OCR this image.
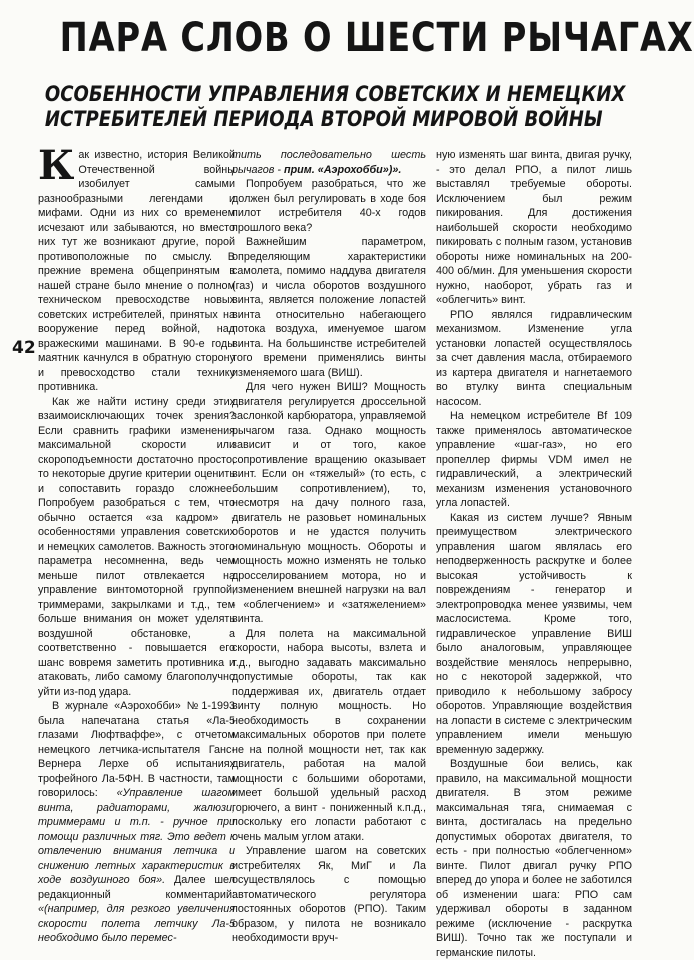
ПАРА СЛОВ О ШЕСТИ РЫЧАГАХ
ОСОБЕННОСТИ УПРАВЛЕНИЯ СОВЕТСКИХ И НЕМЕЦКИХ
ИСТРЕБИТЕЛЕЙ ПЕРИОДА ВТОРОЙ МИРОВОЙ ВОЙНЫ
42

Как известно, история Великой Отечественной войны изобилует самыми разнообразными легендами и мифами. Одни из них со временем исчезают или забываются, но вместо них тут же возникают другие, порой противоположные по смыслу. В прежние времена общепринятым в нашей стране было мнение о полном техническом превосходстве новых советских истребителей, принятых на вооружение перед войной, над вражескими машинами. В 90-е годы маятник качнулся в обратную сторону и превосходство стали технику противника.

Как же найти истину среди этих взаимоисключающих точек зрения? Если сравнить графики изменения максимальной скорости или скороподъемности достаточно просто, то некоторые другие критерии оценить и сопоставить гораздо сложнее. Попробуем разобраться с тем, что обычно остается «за кадром» - особенностями управления советских и немецких самолетов. Важность этого параметра несомненна, ведь чем меньше пилот отвлекается на управление винтомоторной группой, триммерами, закрылками и т.д., тем больше внимания он может уделять воздушной обстановке, а соответственно - повышается его шанс вовремя заметить противника и атаковать, либо самому благополучно уйти из-под удара.

В журнале «Аэрохобби» №1-1993 была напечатана статья «Ла-5 глазами Люфтваффе», с отчетом немецкого летчика-испытателя Ганс-Вернера Лерхе об испытаниях трофейного Ла-5ФН. В частности, там говорилось: «Управление шагом винта, радиаторами, жалюзи, триммерами и т.п. - ручное при помощи различных тяг. Это ведет к отвлечению внимания летчика и снижению летных характеристик в ходе воздушного боя». Далее шел редакционный комментарий: «(например, для резкого увеличения скорости полета летчику Ла-5 необходимо было перемес-

тить последовательно шесть рычагов - прим. «Аэрохобби»)».

Попробуем разобраться, что же должен был регулировать в ходе боя пилот истребителя 40-х годов прошлого века?

Важнейшим параметром, определяющим характеристики самолета, помимо наддува двигателя (газ) и числа оборотов воздушного винта, является положение лопастей винта относительно набегающего потока воздуха, именуемое шагом винта. На большинстве истребителей того времени применялись винты изменяемого шага (ВИШ).

Для чего нужен ВИШ? Мощность двигателя регулируется дроссельной заслонкой карбюратора, управляемой рычагом газа. Однако мощность зависит и от того, какое сопротивление вращению оказывает винт. Если он «тяжелый» (то есть, с большим сопротивлением), то, несмотря на дачу полного газа, двигатель не разовьет номинальных оборотов и не удастся получить номинальную мощность. Обороты и мощность можно изменять не только дросселированием мотора, но и изменением внешней нагрузки на вал - «облегчением» и «затяжелением» винта.

Для полета на максимальной скорости, набора высоты, взлета и т.д., выгодно задавать максимально допустимые обороты, так как поддерживая их, двигатель отдает винту полную мощность. Но необходимость в сохранении максимальных оборотов при полете не на полной мощности нет, так как двигатель, работая на малой мощности с большими оборотами, имеет большой удельный расход горючего, а винт - пониженный к.п.д., поскольку его лопасти работают с очень малым углом атаки.

Управление шагом на советских истребителях Як, МиГ и Ла осуществлялось с помощью автоматического регулятора постоянных оборотов (РПО). Таким образом, у пилота не возникало необходимости вруч-

ную изменять шаг винта, двигая ручку, - это делал РПО, а пилот лишь выставлял требуемые обороты. Исключением был режим пикирования. Для достижения наибольшей скорости необходимо пикировать с полным газом, установив обороты ниже номинальных на 200-400 об/мин. Для уменьшения скорости нужно, наоборот, убрать газ и «облегчить» винт.

РПО являлся гидравлическим механизмом. Изменение угла установки лопастей осуществлялось за счет давления масла, отбираемого из картера двигателя и нагнетаемого во втулку винта специальным насосом.

На немецком истребителе Bf 109 также применялось автоматическое управление «шаг-газ», но его пропеллер фирмы VDM имел не гидравлический, а электрический механизм изменения установочного угла лопастей.

Какая из систем лучше? Явным преимуществом электрического управления шагом являлась его неподверженность раскрутке и более высокая устойчивость к повреждениям - генератор и электропроводка менее уязвимы, чем маслосистема. Кроме того, гидравлическое управление ВИШ было аналоговым, управляющее воздействие менялось непрерывно, но с некоторой задержкой, что приводило к небольшому забросу оборотов. Управляющие воздействия на лопасти в системе с электрическим управлением имели меньшую временную задержку.

Воздушные бои велись, как правило, на максимальной мощности двигателя. В этом режиме максимальная тяга, снимаемая с винта, достигалась на предельно допустимых оборотах двигателя, то есть - при полностью «облегченном» винте. Пилот двигал ручку РПО вперед до упора и более не заботился об изменении шага: РПО сам удерживал обороты в заданном режиме (исключение - раскрутка ВИШ). Точно так же поступали и германские пилоты.
